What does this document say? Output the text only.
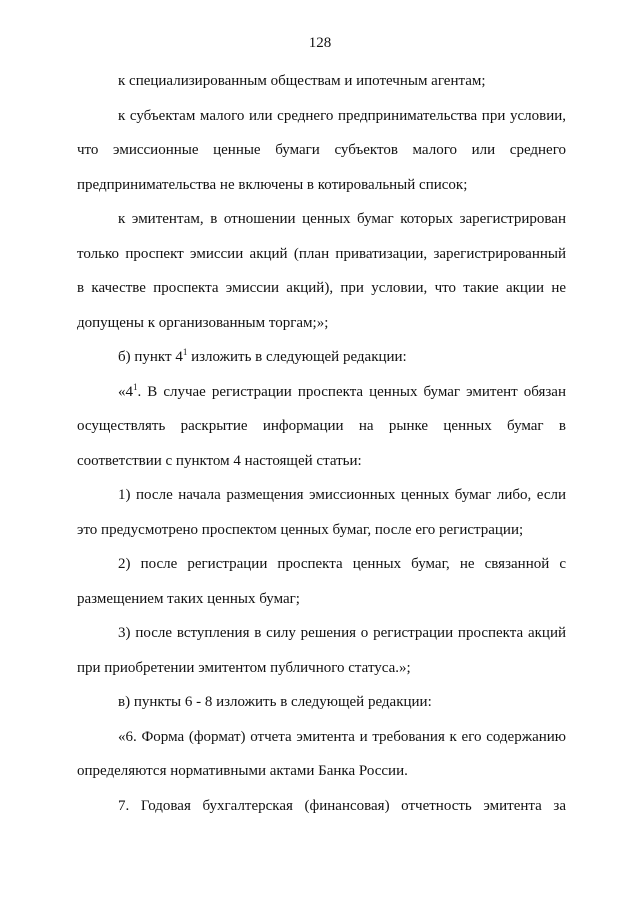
128
к специализированным обществам и ипотечным агентам;
к субъектам малого или среднего предпринимательства при условии,
что эмиссионные ценные бумаги субъектов малого или среднего
предпринимательства не включены в котировальный список;
к эмитентам, в отношении ценных бумаг которых зарегистрирован
только проспект эмиссии акций (план приватизации, зарегистрированный
в качестве проспекта эмиссии акций), при условии, что такие акции не
допущены к организованным торгам;»;
б) пункт $4^1$ изложить в следующей редакции:
«$4^1$. В случае регистрации проспекта ценных бумаг эмитент обязан
осуществлять раскрытие информации на рынке ценных бумаг в
соответствии с пунктом 4 настоящей статьи:
1) после начала размещения эмиссионных ценных бумаг либо, если
это предусмотрено проспектом ценных бумаг, после его регистрации;
2) после регистрации проспекта ценных бумаг, не связанной с
размещением таких ценных бумаг;
3) после вступления в силу решения о регистрации проспекта акций
при приобретении эмитентом публичного статуса.»;
в) пункты 6 - 8 изложить в следующей редакции:
«6. Форма (формат) отчета эмитента и требования к его содержанию
определяются нормативными актами Банка России.
7. Годовая бухгалтерская (финансовая) отчетность эмитента за
